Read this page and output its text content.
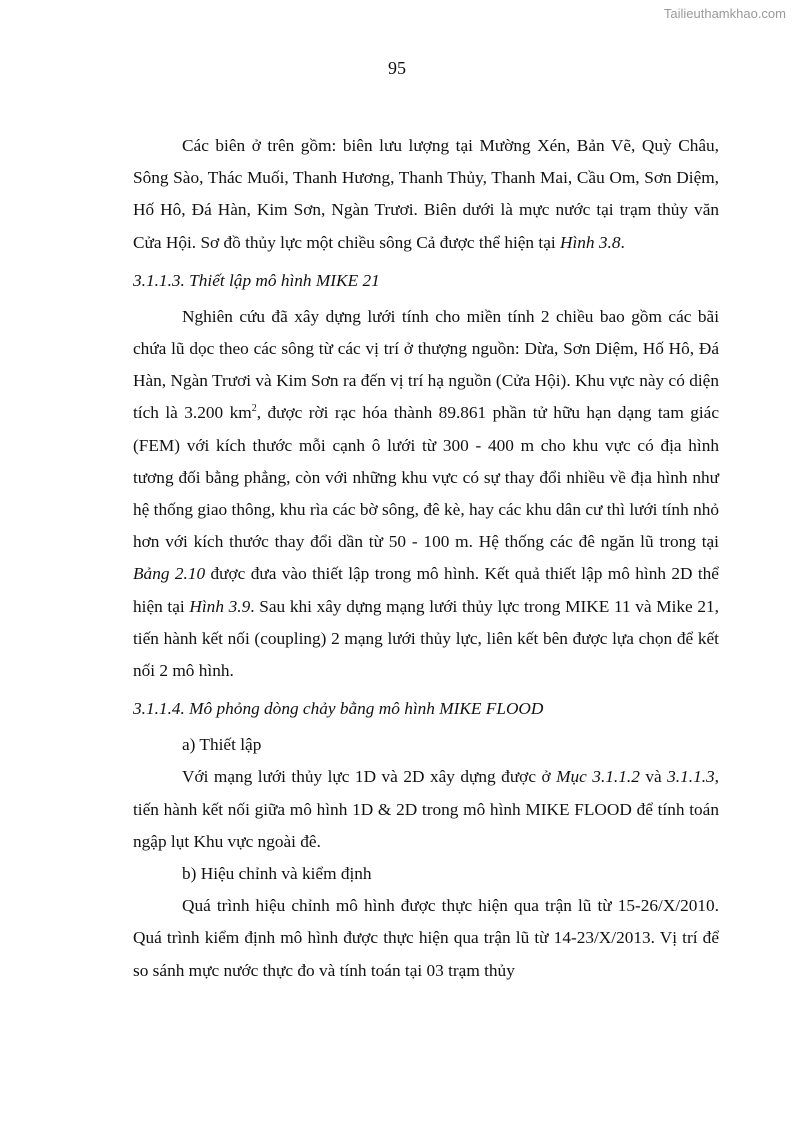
Tailieuthamkhao.com
95

Các biên ở trên gồm: biên lưu lượng tại Mường Xén, Bản Vẽ, Quỳ Châu, Sông Sào, Thác Muối, Thanh Hương, Thanh Thủy, Thanh Mai, Cầu Om, Sơn Diệm, Hố Hô, Đá Hàn, Kim Sơn, Ngàn Trươi. Biên dưới là mực nước tại trạm thủy văn Cửa Hội. Sơ đồ thủy lực một chiều sông Cả được thể hiện tại Hình 3.8.

3.1.1.3. Thiết lập mô hình MIKE 21

Nghiên cứu đã xây dựng lưới tính cho miền tính 2 chiều bao gồm các bãi chứa lũ dọc theo các sông từ các vị trí ở thượng nguồn: Dừa, Sơn Diệm, Hố Hô, Đá Hàn, Ngàn Trươi và Kim Sơn ra đến vị trí hạ nguồn (Cửa Hội). Khu vực này có diện tích là 3.200 $km^2$, được rời rạc hóa thành 89.861 phần tử hữu hạn dạng tam giác (FEM) với kích thước mỗi cạnh ô lưới từ 300 - 400 m cho khu vực có địa hình tương đối bằng phẳng, còn với những khu vực có sự thay đổi nhiều về địa hình như hệ thống giao thông, khu rìa các bờ sông, đê kè, hay các khu dân cư thì lưới tính nhỏ hơn với kích thước thay đổi dần từ 50 - 100 m. Hệ thống các đê ngăn lũ trong tại Bảng 2.10 được đưa vào thiết lập trong mô hình. Kết quả thiết lập mô hình 2D thể hiện tại Hình 3.9. Sau khi xây dựng mạng lưới thủy lực trong MIKE 11 và Mike 21, tiến hành kết nối (coupling) 2 mạng lưới thủy lực, liên kết bên được lựa chọn để kết nối 2 mô hình.

3.1.1.4. Mô phỏng dòng chảy bằng mô hình MIKE FLOOD
a) Thiết lập

Với mạng lưới thủy lực 1D và 2D xây dựng được ở Mục 3.1.1.2 và 3.1.1.3, tiến hành kết nối giữa mô hình 1D & 2D trong mô hình MIKE FLOOD để tính toán ngập lụt Khu vực ngoài đê.

b) Hiệu chỉnh và kiểm định

Quá trình hiệu chỉnh mô hình được thực hiện qua trận lũ từ 15-26/X/2010. Quá trình kiểm định mô hình được thực hiện qua trận lũ từ 14-23/X/2013. Vị trí để so sánh mực nước thực đo và tính toán tại 03 trạm thủy
